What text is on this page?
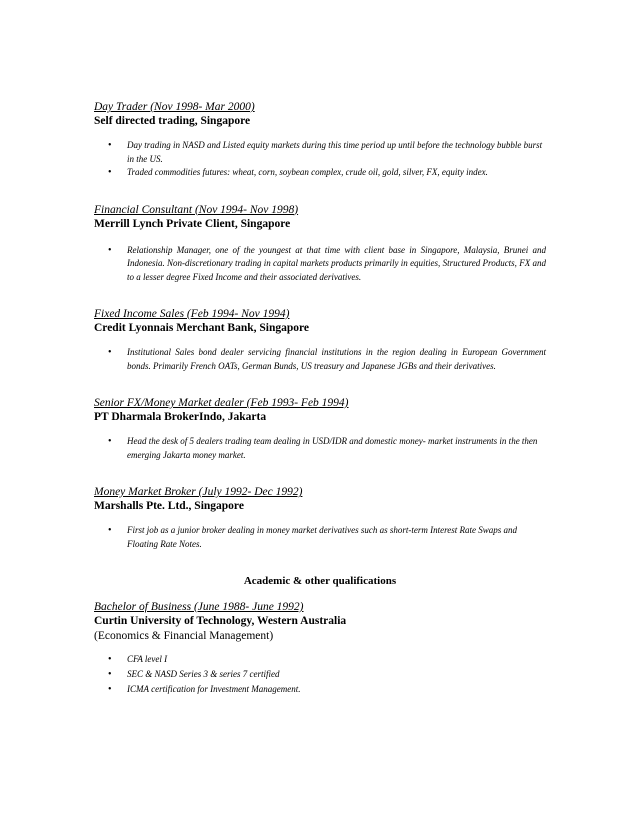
Day Trader (Nov 1998- Mar 2000)
Self directed trading, Singapore
• Day trading in NASD and Listed equity markets during this time period up until before the technology bubble burst in the US.
• Traded commodities futures: wheat, corn, soybean complex, crude oil, gold, silver, FX, equity index.
Financial Consultant (Nov 1994- Nov 1998)
Merrill Lynch Private Client, Singapore
• Relationship Manager, one of the youngest at that time with client base in Singapore, Malaysia, Brunei and Indonesia. Non-discretionary trading in capital markets products primarily in equities, Structured Products, FX and to a lesser degree Fixed Income and their associated derivatives.
Fixed Income Sales (Feb 1994- Nov 1994)
Credit Lyonnais Merchant Bank, Singapore
• Institutional Sales bond dealer servicing financial institutions in the region dealing in European Government bonds. Primarily French OATs, German Bunds, US treasury and Japanese JGBs and their derivatives.
Senior FX/Money Market dealer (Feb 1993- Feb 1994)
PT Dharmala BrokerIndo, Jakarta
• Head the desk of 5 dealers trading team dealing in USD/IDR and domestic money- market instruments in the then emerging Jakarta money market.
Money Market Broker (July 1992- Dec 1992)
Marshalls Pte. Ltd., Singapore
• First job as a junior broker dealing in money market derivatives such as short-term Interest Rate Swaps and Floating Rate Notes.
Academic & other qualifications
Bachelor of Business (June 1988- June 1992)
Curtin University of Technology, Western Australia
(Economics & Financial Management)
• CFA level I
• SEC & NASD Series 3 & series 7 certified
• ICMA certification for Investment Management.
